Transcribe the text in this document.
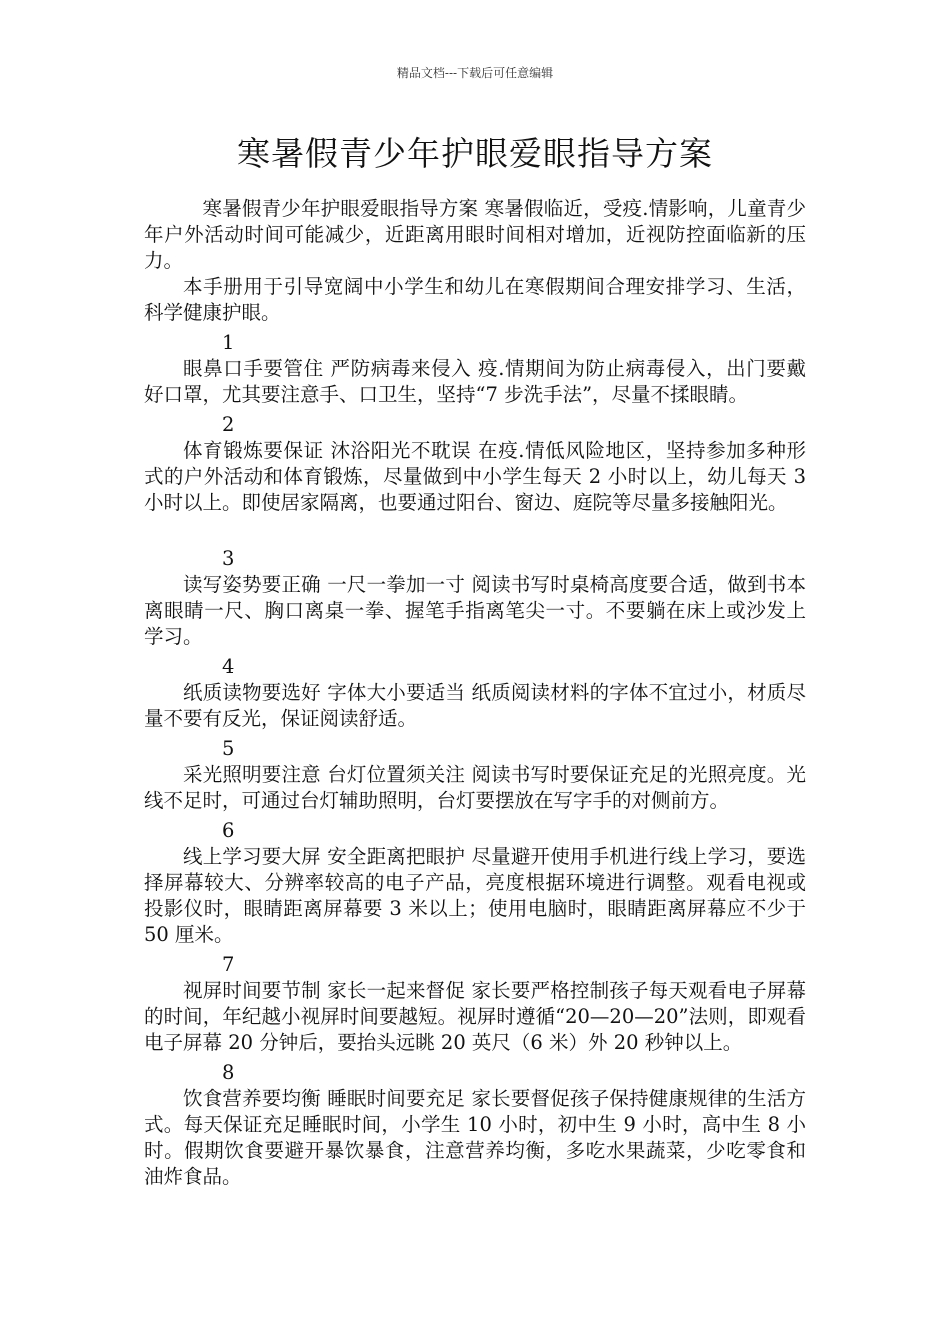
精品文档---下载后可任意编辑
寒暑假青少年护眼爱眼指导方案

寒暑假青少年护眼爱眼指导方案 寒暑假临近，受疫.情影响，儿童青少年户外活动时间可能减少，近距离用眼时间相对增加，近视防控面临新的压力。

本手册用于引导宽阔中小学生和幼儿在寒假期间合理安排学习、生活，科学健康护眼。

1

眼鼻口手要管住 严防病毒来侵入 疫.情期间为防止病毒侵入，出门要戴好口罩，尤其要注意手、口卫生，坚持“7 步洗手法”，尽量不揉眼睛。

2

体育锻炼要保证 沐浴阳光不耽误 在疫.情低风险地区，坚持参加多种形式的户外活动和体育锻炼，尽量做到中小学生每天 2 小时以上，幼儿每天 3 小时以上。即使居家隔离，也要通过阳台、窗边、庭院等尽量多接触阳光。

3

读写姿势要正确 一尺一拳加一寸 阅读书写时桌椅高度要合适，做到书本离眼睛一尺、胸口离桌一拳、握笔手指离笔尖一寸。不要躺在床上或沙发上学习。

4

纸质读物要选好 字体大小要适当 纸质阅读材料的字体不宜过小，材质尽量不要有反光，保证阅读舒适。

5

采光照明要注意 台灯位置须关注 阅读书写时要保证充足的光照亮度。光线不足时，可通过台灯辅助照明，台灯要摆放在写字手的对侧前方。

6

线上学习要大屏 安全距离把眼护 尽量避开使用手机进行线上学习，要选择屏幕较大、分辨率较高的电子产品，亮度根据环境进行调整。观看电视或投影仪时，眼睛距离屏幕要 3 米以上；使用电脑时，眼睛距离屏幕应不少于 50 厘米。

7

视屏时间要节制 家长一起来督促 家长要严格控制孩子每天观看电子屏幕的时间，年纪越小视屏时间要越短。视屏时遵循“20—20—20”法则，即观看电子屏幕 20 分钟后，要抬头远眺 20 英尺（6 米）外 20 秒钟以上。

8

饮食营养要均衡 睡眠时间要充足 家长要督促孩子保持健康规律的生活方式。每天保证充足睡眠时间，小学生 10 小时，初中生 9 小时，高中生 8 小时。假期饮食要避开暴饮暴食，注意营养均衡，多吃水果蔬菜，少吃零食和油炸食品。
